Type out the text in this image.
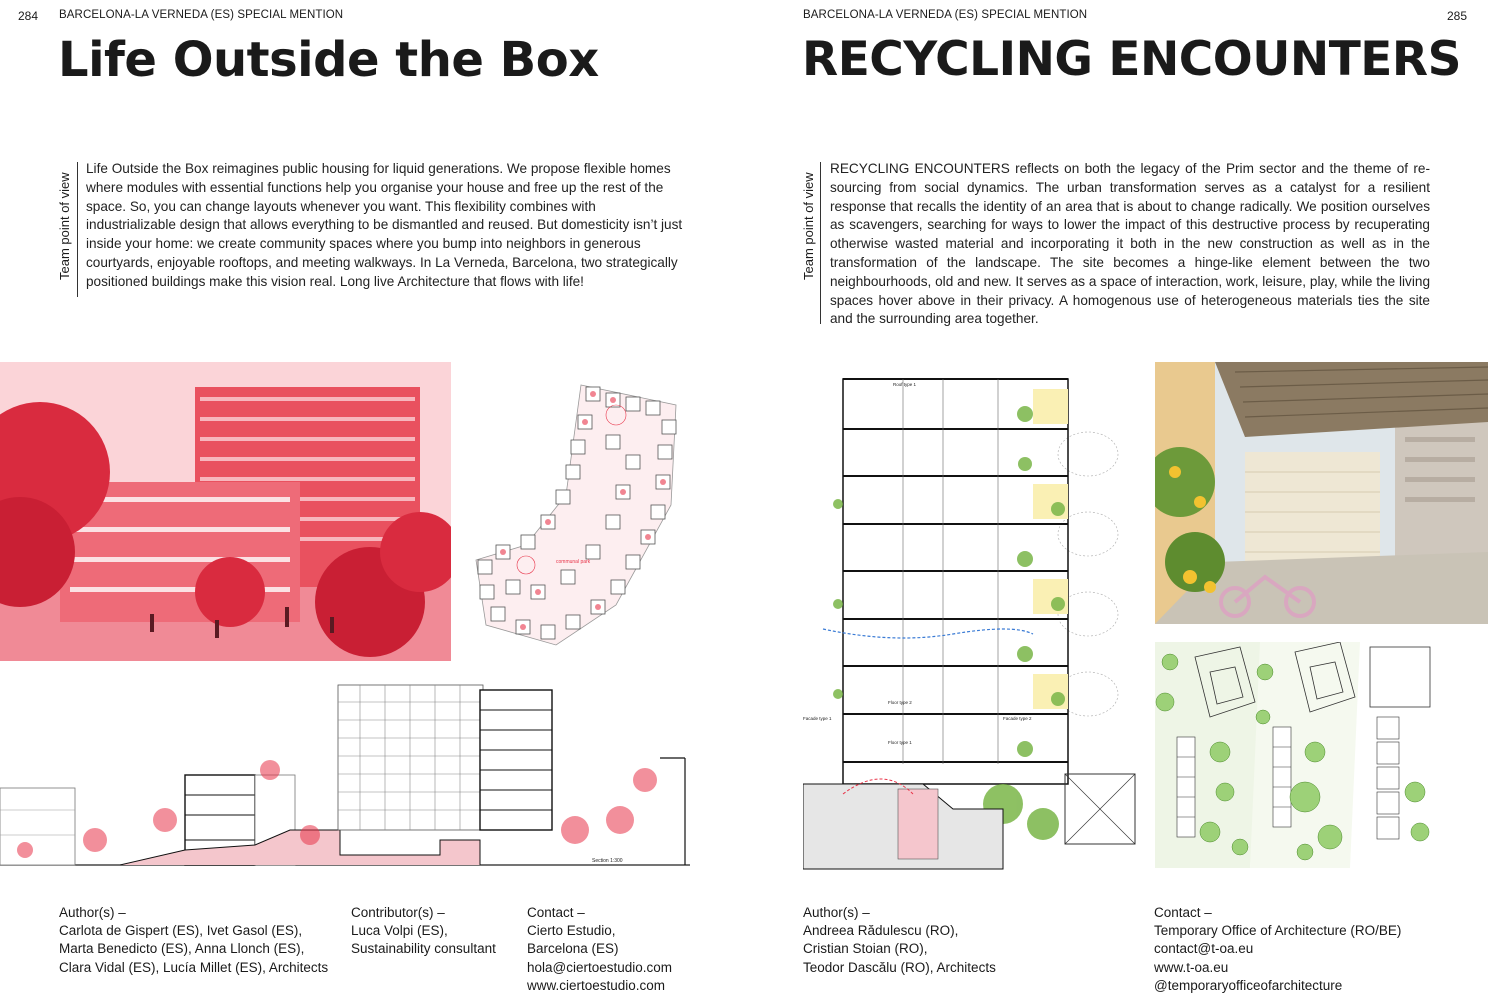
284 BARCELONA-LA VERNEDA (ES) SPECIAL MENTION
Life Outside the Box
Team point of view
Life Outside the Box reimagines public housing for liquid generations. We propose flexible homes where modules with essential functions help you organise your house and free up the rest of the space. So, you can change layouts whenever you want. This flexibility combines with industrializable design that allows everything to be dismantled and reused. But domesticity isn’t just inside your home: we create community spaces where you bump into neighbors in generous courtyards, enjoyable rooftops, and meeting walkways. In La Verneda, Barcelona, two strategically positioned buildings make this vision real. Long live Architecture that flows with life!
communal park
Section 1:300
Author(s) –
Carlota de Gispert (ES), Ivet Gasol (ES),
Marta Benedicto (ES), Anna Llonch (ES),
Clara Vidal (ES), Lucía Millet (ES), Architects
Contributor(s) –
Luca Volpi (ES),
Sustainability consultant
Contact –
Cierto Estudio,
Barcelona (ES)
hola@ciertoestudio.com
www.ciertoestudio.com
BARCELONA-LA VERNEDA (ES) SPECIAL MENTION	285
RECYCLING ENCOUNTERS
Team point of view
RECYCLING ENCOUNTERS reflects on both the legacy of the Prim sector and the theme of re-sourcing from social dynamics. The urban transformation serves as a catalyst for a resilient response that recalls the identity of an area that is about to change radically. We position ourselves as scavengers, searching for ways to lower the impact of this destructive process by recuperating otherwise wasted material and incorporating it both in the new construction as well as in the transformation of the landscape. The site becomes a hinge-like element between the two neighbourhoods, old and new. It serves as a space of interaction, work, leisure, play, while the living spaces hover above in their privacy. A homogenous use of heterogeneous materials ties the site and the surrounding area together.
Roof type 1
Floor type 2
Floor type 1
Facade type 1	Facade type 2
Author(s) –
Andreea Rădulescu (RO),
Cristian Stoian (RO),
Teodor Dascălu (RO), Architects
Contact –
Temporary Office of Architecture (RO/BE)
contact@t-oa.eu
www.t-oa.eu
@temporaryofficeofarchitecture
